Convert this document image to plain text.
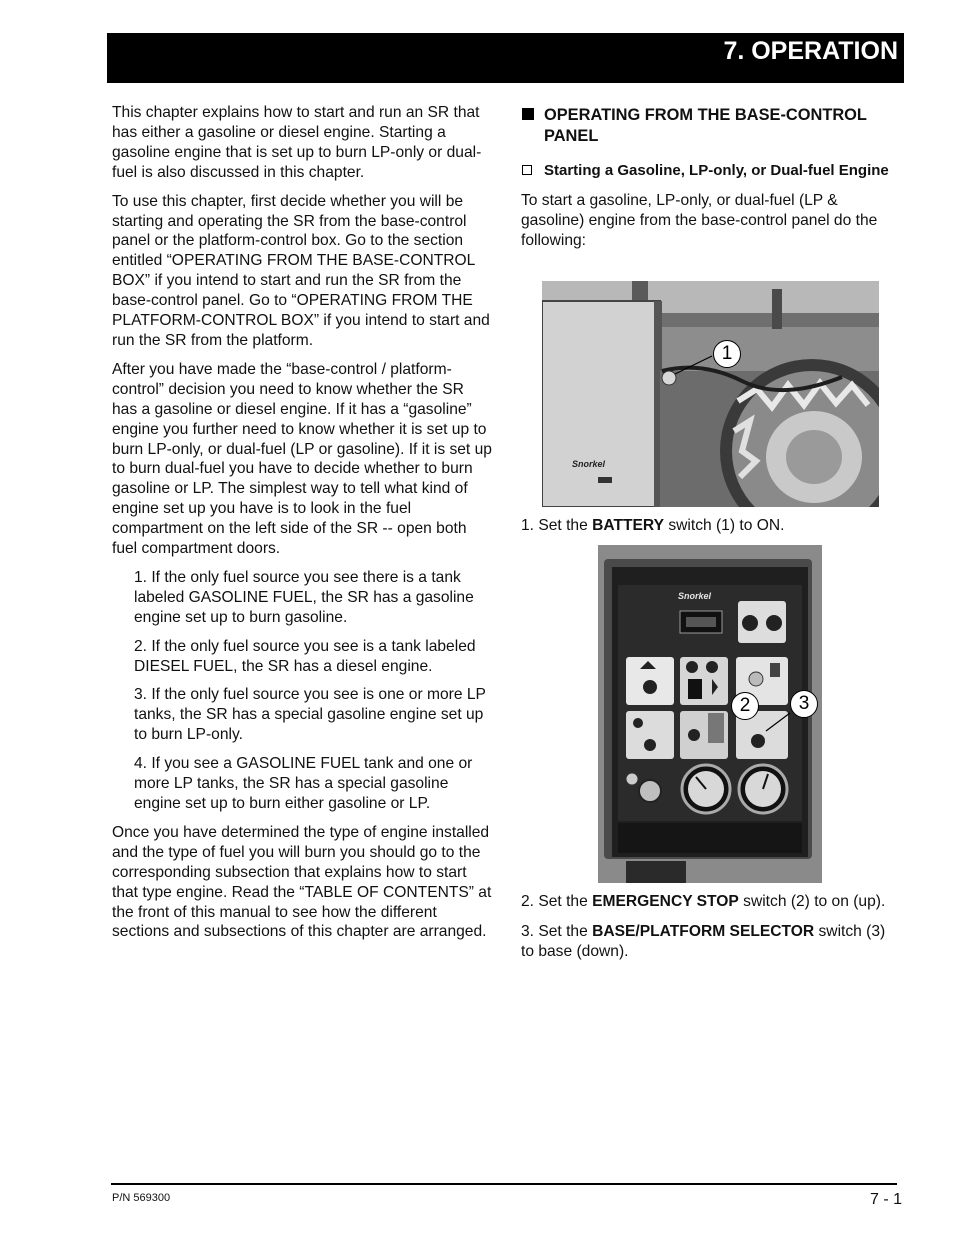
7. OPERATION

This chapter explains how to start and run an SR that has either a gasoline or diesel engine. Starting a gasoline engine that is set up to burn LP-only or dual-fuel is also discussed in this chapter.

To use this chapter, first decide whether you will be starting and operating the SR from the base-control panel or the platform-control box. Go to the section entitled “OPERATING FROM THE BASE-CONTROL BOX” if you intend to start and run the SR from the base-control panel. Go to “OPERATING FROM THE PLATFORM-CONTROL BOX” if you intend to start and run the SR from the platform.

After you have made the “base-control / platform-control” decision you need to know whether the SR has a gasoline or diesel engine. If it has a “gasoline” engine you further need to know whether it is set up to burn LP-only, or dual-fuel (LP or gasoline). If it is set up to burn dual-fuel you have to decide whether to burn gasoline or LP. The simplest way to tell what kind of engine set up you have is to look in the fuel compartment on the left side of the SR -- open both fuel compartment doors.

1. If the only fuel source you see there is a tank labeled GASOLINE FUEL, the SR has a gasoline engine set up to burn gasoline.

2. If the only fuel source you see is a tank labeled DIESEL FUEL, the SR has a diesel engine.

3. If the only fuel source you see is one or more LP tanks, the SR has a special gasoline engine set up to burn LP-only.

4. If you see a GASOLINE FUEL tank and one or more LP tanks, the SR has a special gasoline engine set up to burn either gasoline or LP.

Once you have determined the type of engine installed and the type of fuel you will burn you should go to the corresponding subsection that explains how to start that type engine. Read the “TABLE OF CONTENTS” at the front of this manual to see how the different sections and subsections of this chapter are arranged.

OPERATING FROM THE BASE-CONTROL PANEL
Starting a Gasoline, LP-only, or Dual-fuel Engine

To start a gasoline, LP-only, or dual-fuel (LP & gasoline) engine from the base-control panel do the following:

Snorkel
1
1. Set the BATTERY switch (1) to ON.
Snorkel
2	3

2. Set the EMERGENCY STOP switch (2) to on (up).

3. Set the BASE/PLATFORM SELECTOR switch (3) to base (down).

P/N 569300	7 - 1
